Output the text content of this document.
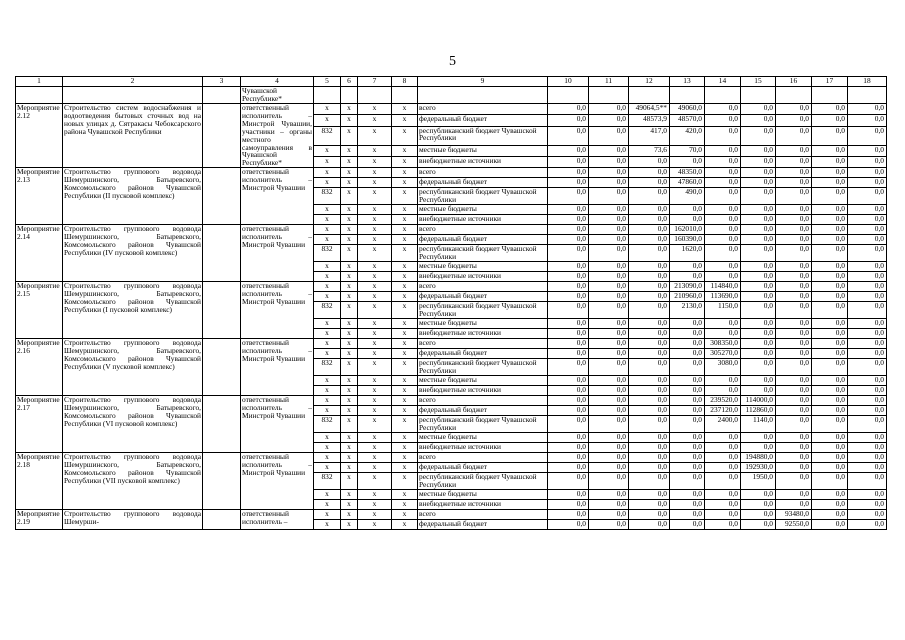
5
1	2	3	4	5	6	7	8	9	10	11	12	13	14	15	16	17	18
			Чувашской Республике*														
Мероприятие 2.12	Строительство систем водоснабжения и водоотведения бытовых сточных вод на новых улицах д. Сятракасы Чебоксарского района Чувашской Республики		ответственный исполнитель – Минстрой Чувашии, участники – органы местного самоуправления в Чувашской Республике*	x	x	x	x	всего	0,0	0,0	49064,5**	49060,0	0,0	0,0	0,0	0,0	0,0
				x	x	x	x	федеральный бюджет	0,0	0,0	48573,9	48570,0	0,0	0,0	0,0	0,0	0,0
				832	x	x	x	республиканский бюджет Чувашской Республики	0,0	0,0	417,0	420,0	0,0	0,0	0,0	0,0	0,0
				x	x	x	x	местные бюджеты	0,0	0,0	73,6	70,0	0,0	0,0	0,0	0,0	0,0
				x	x	x	x	внебюджетные источники	0,0	0,0	0,0	0,0	0,0	0,0	0,0	0,0	0,0
Мероприятие 2.13	Строительство группового водовода Шемуршинского, Батыревского, Комсомольского районов Чувашской Республики (II пусковой комплекс)		ответственный исполнитель – Минстрой Чувашии	x	x	x	x	всего	0,0	0,0	0,0	48350,0	0,0	0,0	0,0	0,0	0,0
				x	x	x	x	федеральный бюджет	0,0	0,0	0,0	47860,0	0,0	0,0	0,0	0,0	0,0
				832	x	x	x	республиканский бюджет Чувашской Республики	0,0	0,0	0,0	490,0	0,0	0,0	0,0	0,0	0,0
				x	x	x	x	местные бюджеты	0,0	0,0	0,0	0,0	0,0	0,0	0,0	0,0	0,0
				x	x	x	x	внебюджетные источники	0,0	0,0	0,0	0,0	0,0	0,0	0,0	0,0	0,0
Мероприятие 2.14	Строительство группового водовода Шемуршинского, Батыревского, Комсомольского районов Чувашской Республики (IV пусковой комплекс)		ответственный исполнитель – Минстрой Чувашии	x	x	x	x	всего	0,0	0,0	0,0	162010,0	0,0	0,0	0,0	0,0	0,0
				x	x	x	x	федеральный бюджет	0,0	0,0	0,0	160390,0	0,0	0,0	0,0	0,0	0,0
				832	x	x	x	республиканский бюджет Чувашской Республики	0,0	0,0	0,0	1620,0	0,0	0,0	0,0	0,0	0,0
				x	x	x	x	местные бюджеты	0,0	0,0	0,0	0,0	0,0	0,0	0,0	0,0	0,0
				x	x	x	x	внебюджетные источники	0,0	0,0	0,0	0,0	0,0	0,0	0,0	0,0	0,0
Мероприятие 2.15	Строительство группового водовода Шемуршинского, Батыревского, Комсомольского районов Чувашской Республики (I пусковой комплекс)		ответственный исполнитель – Минстрой Чувашии	x	x	x	x	всего	0,0	0,0	0,0	213090,0	114840,0	0,0	0,0	0,0	0,0
				x	x	x	x	федеральный бюджет	0,0	0,0	0,0	210960,0	113690,0	0,0	0,0	0,0	0,0
				832	x	x	x	республиканский бюджет Чувашской Республики	0,0	0,0	0,0	2130,0	1150,0	0,0	0,0	0,0	0,0
				x	x	x	x	местные бюджеты	0,0	0,0	0,0	0,0	0,0	0,0	0,0	0,0	0,0
				x	x	x	x	внебюджетные источники	0,0	0,0	0,0	0,0	0,0	0,0	0,0	0,0	0,0
Мероприятие 2.16	Строительство группового водовода Шемуршинского, Батыревского, Комсомольского районов Чувашской Республики (V пусковой комплекс)		ответственный исполнитель – Минстрой Чувашии	x	x	x	x	всего	0,0	0,0	0,0	0,0	308350,0	0,0	0,0	0,0	0,0
				x	x	x	x	федеральный бюджет	0,0	0,0	0,0	0,0	305270,0	0,0	0,0	0,0	0,0
				832	x	x	x	республиканский бюджет Чувашской Республики	0,0	0,0	0,0	0,0	3080,0	0,0	0,0	0,0	0,0
				x	x	x	x	местные бюджеты	0,0	0,0	0,0	0,0	0,0	0,0	0,0	0,0	0,0
				x	x	x	x	внебюджетные источники	0,0	0,0	0,0	0,0	0,0	0,0	0,0	0,0	0,0
Мероприятие 2.17	Строительство группового водовода Шемуршинского, Батыревского, Комсомольского районов Чувашской Республики (VI пусковой комплекс)		ответственный исполнитель – Минстрой Чувашии	x	x	x	x	всего	0,0	0,0	0,0	0,0	239520,0	114000,0	0,0	0,0	0,0
				x	x	x	x	федеральный бюджет	0,0	0,0	0,0	0,0	237120,0	112860,0	0,0	0,0	0,0
				832	x	x	x	республиканский бюджет Чувашской Республики	0,0	0,0	0,0	0,0	2400,0	1140,0	0,0	0,0	0,0
				x	x	x	x	местные бюджеты	0,0	0,0	0,0	0,0	0,0	0,0	0,0	0,0	0,0
				x	x	x	x	внебюджетные источники	0,0	0,0	0,0	0,0	0,0	0,0	0,0	0,0	0,0
Мероприятие 2.18	Строительство группового водовода Шемуршинского, Батыревского, Комсомольского районов Чувашской Республики (VII пусковой комплекс)		ответственный исполнитель – Минстрой Чувашии	x	x	x	x	всего	0,0	0,0	0,0	0,0	0,0	194880,0	0,0	0,0	0,0
				x	x	x	x	федеральный бюджет	0,0	0,0	0,0	0,0	0,0	192930,0	0,0	0,0	0,0
				832	x	x	x	республиканский бюджет Чувашской Республики	0,0	0,0	0,0	0,0	0,0	1950,0	0,0	0,0	0,0
				x	x	x	x	местные бюджеты	0,0	0,0	0,0	0,0	0,0	0,0	0,0	0,0	0,0
				x	x	x	x	внебюджетные источники	0,0	0,0	0,0	0,0	0,0	0,0	0,0	0,0	0,0
Мероприятие 2.19	Строительство группового водовода Шемурши-		ответственный исполнитель –	x	x	x	x	всего	0,0	0,0	0,0	0,0	0,0	0,0	93480,0	0,0	0,0
				x	x	x	x	федеральный бюджет	0,0	0,0	0,0	0,0	0,0	0,0	92550,0	0,0	0,0
